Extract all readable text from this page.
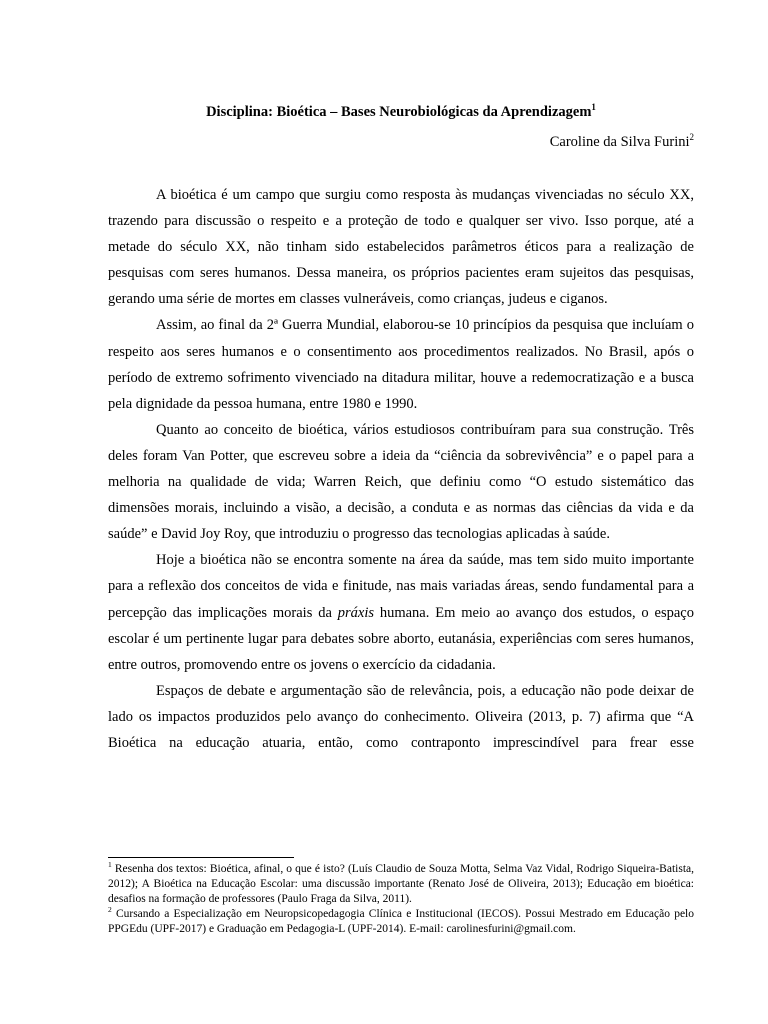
Disciplina: Bioética – Bases Neurobiológicas da Aprendizagem$^1$
Caroline da Silva Furini$^2$

A bioética é um campo que surgiu como resposta às mudanças vivenciadas no século XX, trazendo para discussão o respeito e a proteção de todo e qualquer ser vivo. Isso porque, até a metade do século XX, não tinham sido estabelecidos parâmetros éticos para a realização de pesquisas com seres humanos. Dessa maneira, os próprios pacientes eram sujeitos das pesquisas, gerando uma série de mortes em classes vulneráveis, como crianças, judeus e ciganos.

Assim, ao final da 2ª Guerra Mundial, elaborou-se 10 princípios da pesquisa que incluíam o respeito aos seres humanos e o consentimento aos procedimentos realizados. No Brasil, após o período de extremo sofrimento vivenciado na ditadura militar, houve a redemocratização e a busca pela dignidade da pessoa humana, entre 1980 e 1990.

Quanto ao conceito de bioética, vários estudiosos contribuíram para sua construção. Três deles foram Van Potter, que escreveu sobre a ideia da “ciência da sobrevivência” e o papel para a melhoria na qualidade de vida; Warren Reich, que definiu como “O estudo sistemático das dimensões morais, incluindo a visão, a decisão, a conduta e as normas das ciências da vida e da saúde” e David Joy Roy, que introduziu o progresso das tecnologias aplicadas à saúde.

Hoje a bioética não se encontra somente na área da saúde, mas tem sido muito importante para a reflexão dos conceitos de vida e finitude, nas mais variadas áreas, sendo fundamental para a percepção das implicações morais da práxis humana. Em meio ao avanço dos estudos, o espaço escolar é um pertinente lugar para debates sobre aborto, eutanásia, experiências com seres humanos, entre outros, promovendo entre os jovens o exercício da cidadania.

Espaços de debate e argumentação são de relevância, pois, a educação não pode deixar de lado os impactos produzidos pelo avanço do conhecimento. Oliveira (2013, p. 7) afirma que “A Bioética na educação atuaria, então, como contraponto imprescindível para frear esse

$^1$ Resenha dos textos: Bioética, afinal, o que é isto? (Luís Claudio de Souza Motta, Selma Vaz Vidal, Rodrigo Siqueira-Batista, 2012); A Bioética na Educação Escolar: uma discussão importante (Renato José de Oliveira, 2013); Educação em bioética: desafios na formação de professores (Paulo Fraga da Silva, 2011).

$^2$ Cursando a Especialização em Neuropsicopedagogia Clínica e Institucional (IECOS). Possui Mestrado em Educação pelo PPGEdu (UPF-2017) e Graduação em Pedagogia-L (UPF-2014). E-mail: carolinesfurini@gmail.com.
